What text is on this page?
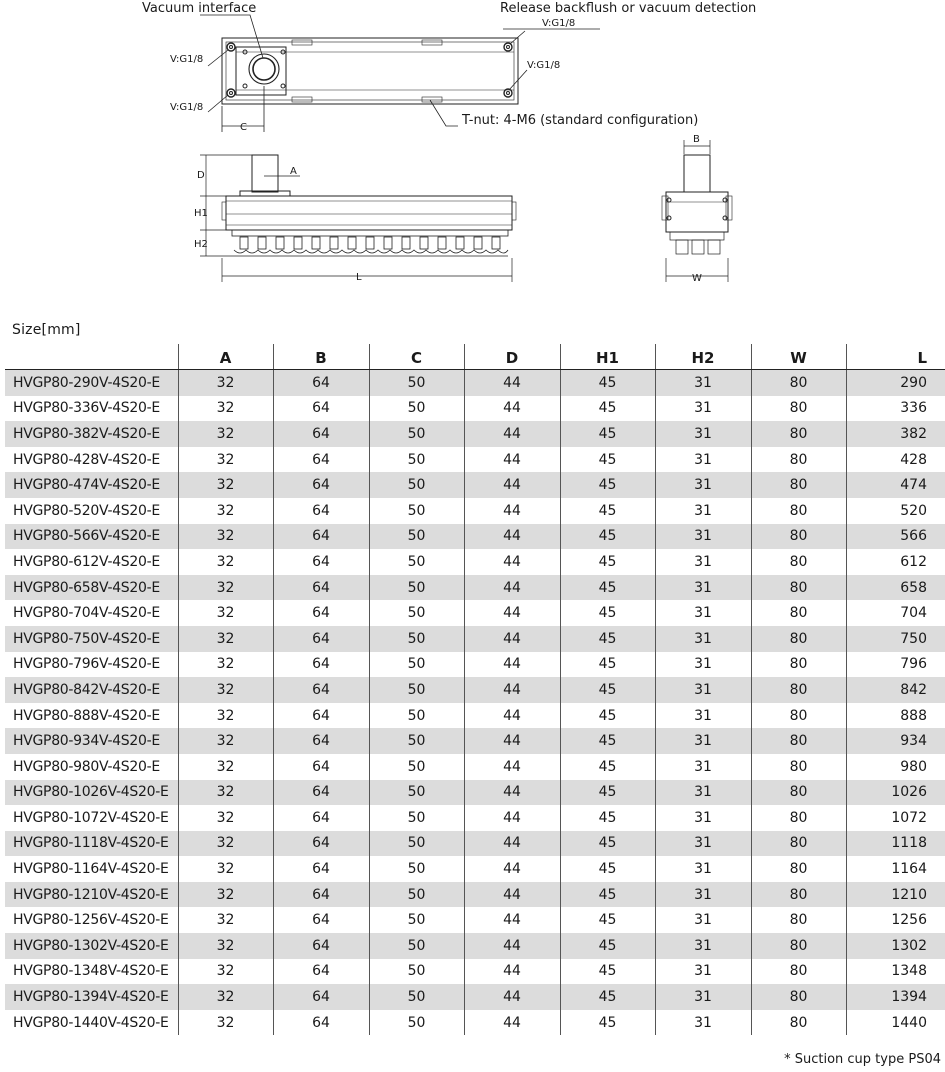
Vacuum interface	Release backflush or vacuum detection
V:G1/8
V:G1/8
V:G1/8
V:G1/8
T-nut: 4-M6 (standard configuration)
C
D
H1
H2
A
L
B
W
Size[mm]
	A	B	C	D	H1	H2	W	L
HVGP80-290V-4S20-E	32	64	50	44	45	31	80	290
HVGP80-336V-4S20-E	32	64	50	44	45	31	80	336
HVGP80-382V-4S20-E	32	64	50	44	45	31	80	382
HVGP80-428V-4S20-E	32	64	50	44	45	31	80	428
HVGP80-474V-4S20-E	32	64	50	44	45	31	80	474
HVGP80-520V-4S20-E	32	64	50	44	45	31	80	520
HVGP80-566V-4S20-E	32	64	50	44	45	31	80	566
HVGP80-612V-4S20-E	32	64	50	44	45	31	80	612
HVGP80-658V-4S20-E	32	64	50	44	45	31	80	658
HVGP80-704V-4S20-E	32	64	50	44	45	31	80	704
HVGP80-750V-4S20-E	32	64	50	44	45	31	80	750
HVGP80-796V-4S20-E	32	64	50	44	45	31	80	796
HVGP80-842V-4S20-E	32	64	50	44	45	31	80	842
HVGP80-888V-4S20-E	32	64	50	44	45	31	80	888
HVGP80-934V-4S20-E	32	64	50	44	45	31	80	934
HVGP80-980V-4S20-E	32	64	50	44	45	31	80	980
HVGP80-1026V-4S20-E	32	64	50	44	45	31	80	1026
HVGP80-1072V-4S20-E	32	64	50	44	45	31	80	1072
HVGP80-1118V-4S20-E	32	64	50	44	45	31	80	1118
HVGP80-1164V-4S20-E	32	64	50	44	45	31	80	1164
HVGP80-1210V-4S20-E	32	64	50	44	45	31	80	1210
HVGP80-1256V-4S20-E	32	64	50	44	45	31	80	1256
HVGP80-1302V-4S20-E	32	64	50	44	45	31	80	1302
HVGP80-1348V-4S20-E	32	64	50	44	45	31	80	1348
HVGP80-1394V-4S20-E	32	64	50	44	45	31	80	1394
HVGP80-1440V-4S20-E	32	64	50	44	45	31	80	1440
* Suction cup type PS04
